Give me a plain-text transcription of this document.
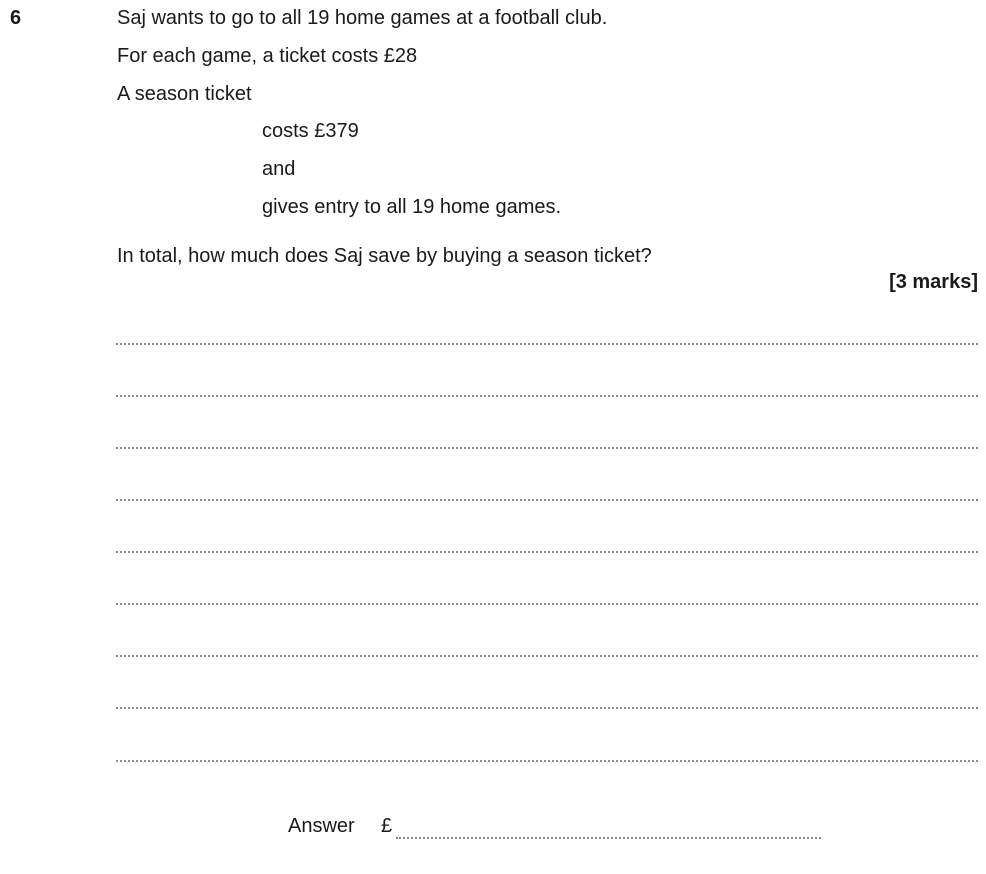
6	Saj wants to go to all 19 home games at a football club.
For each game, a ticket costs £28
A season ticket
costs £379
and
gives entry to all 19 home games.
In total, how much does Saj save by buying a season ticket?
[3 marks]
Answer £
